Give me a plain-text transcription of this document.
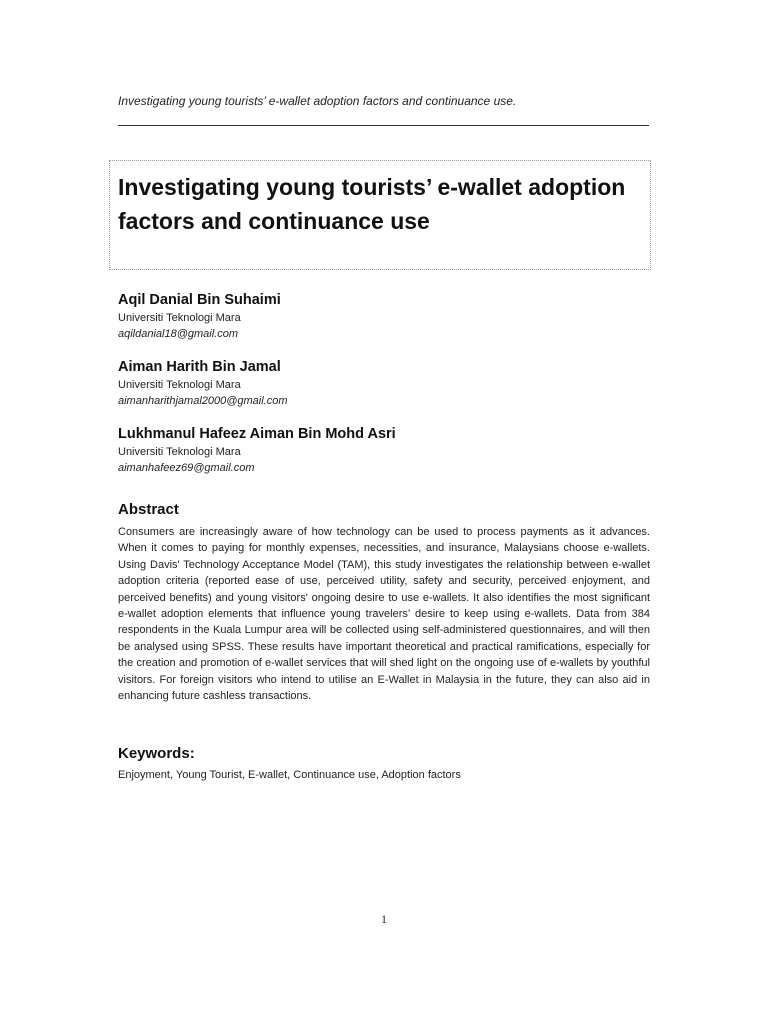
Investigating young tourists’ e-wallet adoption factors and continuance use.
Investigating young tourists’ e-wallet adoption factors and continuance use
Aqil Danial Bin Suhaimi
Universiti Teknologi Mara
aqildanial18@gmail.com
Aiman Harith Bin Jamal
Universiti Teknologi Mara
aimanharithjamal2000@gmail.com
Lukhmanul Hafeez Aiman Bin Mohd Asri
Universiti Teknologi Mara
aimanhafeez69@gmail.com
Abstract

Consumers are increasingly aware of how technology can be used to process payments as it advances. When it comes to paying for monthly expenses, necessities, and insurance, Malaysians choose e-wallets. Using Davis' Technology Acceptance Model (TAM), this study investigates the relationship between e-wallet adoption criteria (reported ease of use, perceived utility, safety and security, perceived enjoyment, and perceived benefits) and young visitors' ongoing desire to use e-wallets. It also identifies the most significant e-wallet adoption elements that influence young travelers’ desire to keep using e-wallets. Data from 384 respondents in the Kuala Lumpur area will be collected using self-administered questionnaires, and will then be analysed using SPSS. These results have important theoretical and practical ramifications, especially for the creation and promotion of e-wallet services that will shed light on the ongoing use of e-wallets by youthful visitors. For foreign visitors who intend to utilise an E-Wallet in Malaysia in the future, they can also aid in enhancing future cashless transactions.

Keywords:
Enjoyment, Young Tourist, E-wallet, Continuance use, Adoption factors
1
